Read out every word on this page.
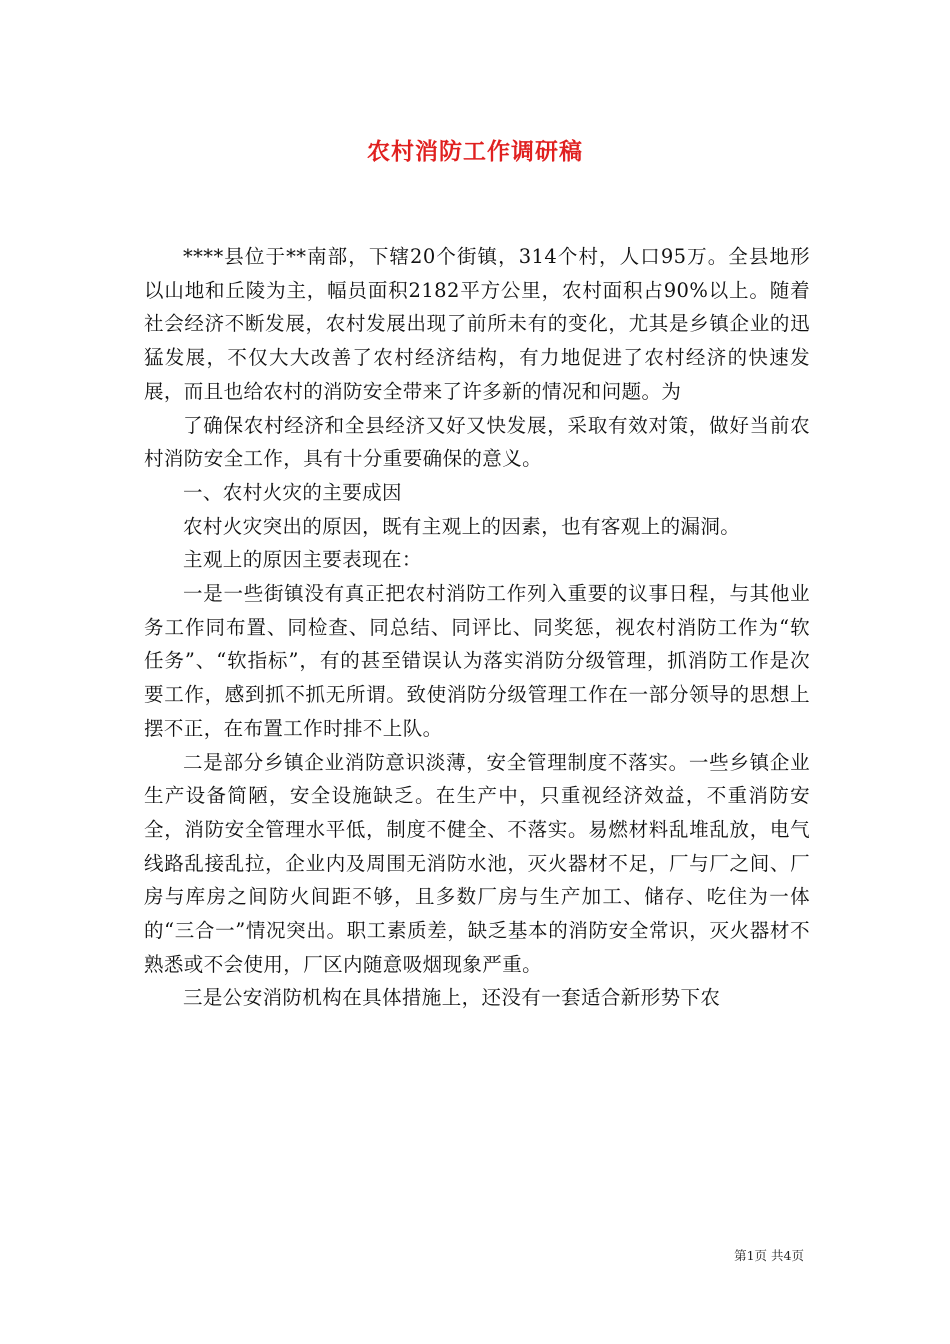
农村消防工作调研稿

****县位于**南部，下辖20个街镇，314个村，人口95万。全县地形以山地和丘陵为主，幅员面积2182平方公里，农村面积占90%以上。随着社会经济不断发展，农村发展出现了前所未有的变化，尤其是乡镇企业的迅猛发展，不仅大大改善了农村经济结构，有力地促进了农村经济的快速发展，而且也给农村的消防安全带来了许多新的情况和问题。为

了确保农村经济和全县经济又好又快发展，采取有效对策，做好当前农村消防安全工作，具有十分重要确保的意义。

一、农村火灾的主要成因

农村火灾突出的原因，既有主观上的因素，也有客观上的漏洞。

主观上的原因主要表现在：

一是一些街镇没有真正把农村消防工作列入重要的议事日程，与其他业务工作同布置、同检查、同总结、同评比、同奖惩，视农村消防工作为“软任务”、“软指标”，有的甚至错误认为落实消防分级管理，抓消防工作是次要工作，感到抓不抓无所谓。致使消防分级管理工作在一部分领导的思想上摆不正，在布置工作时排不上队。

二是部分乡镇企业消防意识淡薄，安全管理制度不落实。一些乡镇企业生产设备简陋，安全设施缺乏。在生产中，只重视经济效益，不重消防安全，消防安全管理水平低，制度不健全、不落实。易燃材料乱堆乱放，电气线路乱接乱拉，企业内及周围无消防水池，灭火器材不足，厂与厂之间、厂房与库房之间防火间距不够，且多数厂房与生产加工、储存、吃住为一体的“三合一”情况突出。职工素质差，缺乏基本的消防安全常识，灭火器材不熟悉或不会使用，厂区内随意吸烟现象严重。

三是公安消防机构在具体措施上，还没有一套适合新形势下农

第1页 共4页
